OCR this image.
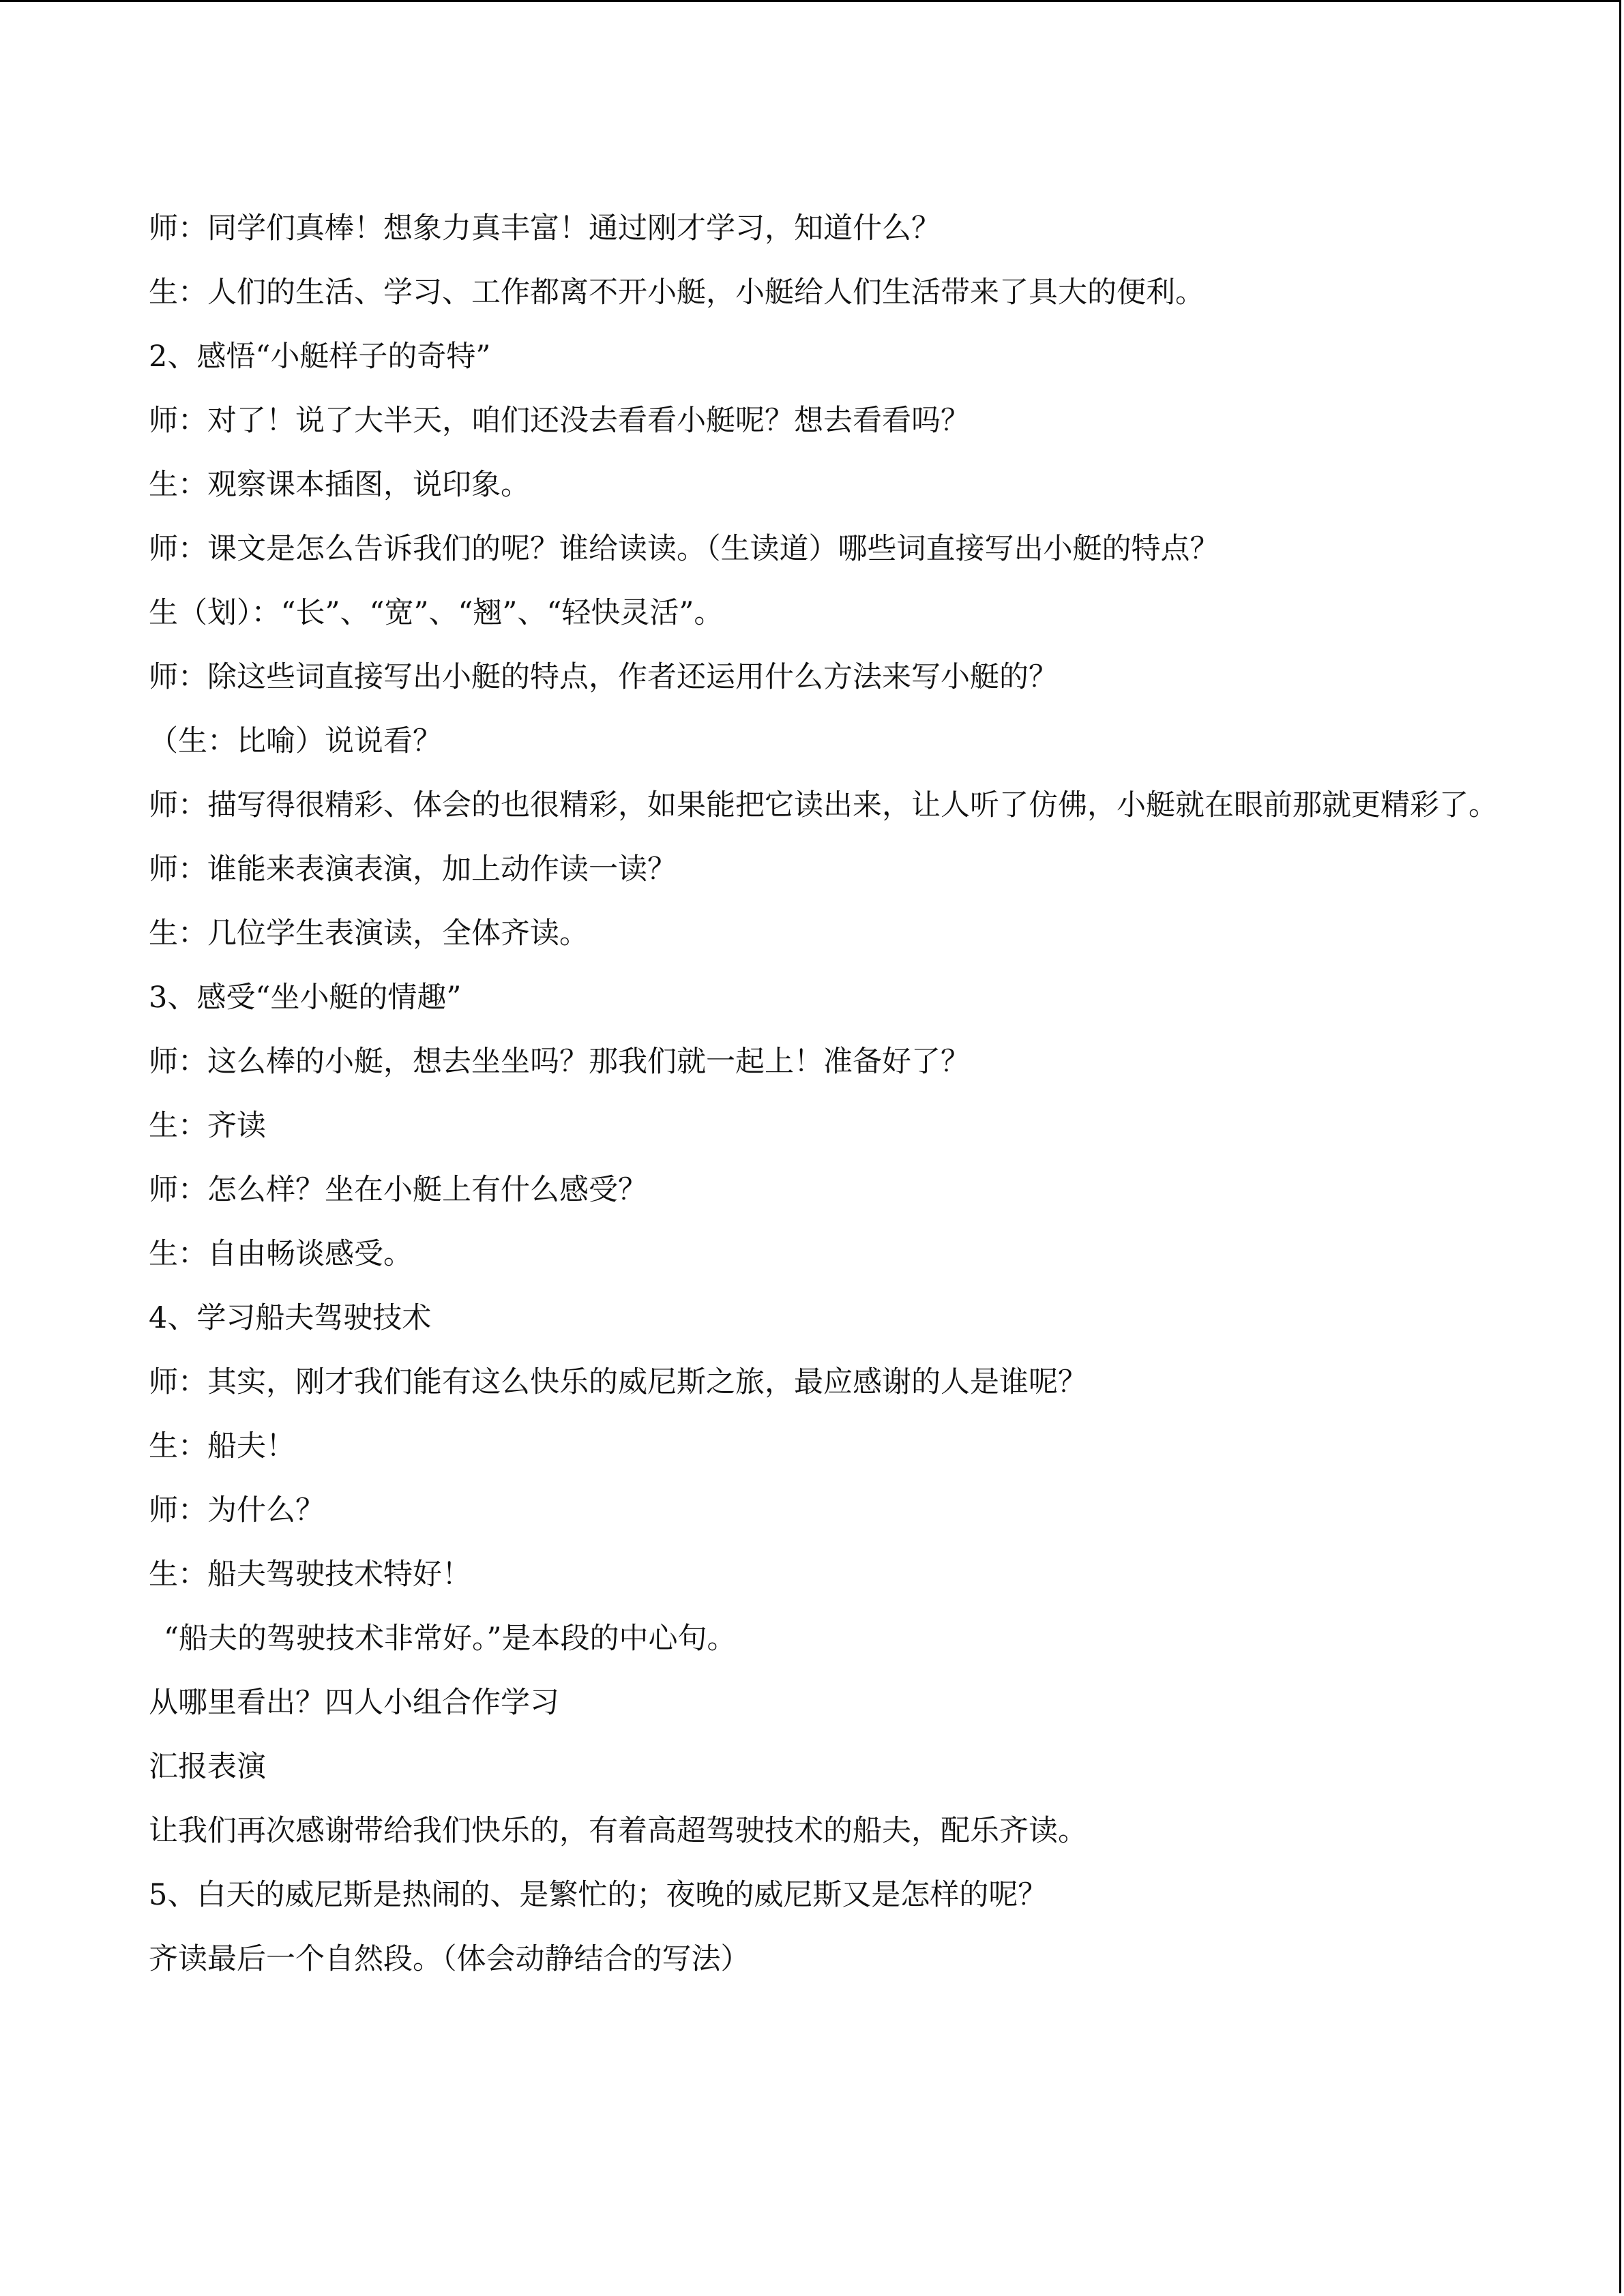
师：同学们真棒！想象力真丰富！通过刚才学习，知道什么？
生：人们的生活、学习、工作都离不开小艇，小艇给人们生活带来了具大的便利。
2、感悟“小艇样子的奇特”
师：对了！说了大半天，咱们还没去看看小艇呢？想去看看吗？
生：观察课本插图，说印象。
师：课文是怎么告诉我们的呢？谁给读读。（生读道）哪些词直接写出小艇的特点？
生（划）：“长”、“宽”、“翘”、“轻快灵活”。
师：除这些词直接写出小艇的特点，作者还运用什么方法来写小艇的？
（生：比喻）说说看？
师：描写得很精彩、体会的也很精彩，如果能把它读出来，让人听了仿佛，小艇就在眼前那就更精彩了。
师：谁能来表演表演，加上动作读一读？
生：几位学生表演读，全体齐读。
3、感受“坐小艇的情趣”
师：这么棒的小艇，想去坐坐吗？那我们就一起上！准备好了？
生：齐读
师：怎么样？坐在小艇上有什么感受？
生：自由畅谈感受。
4、学习船夫驾驶技术
师：其实，刚才我们能有这么快乐的威尼斯之旅，最应感谢的人是谁呢？
生：船夫！
师：为什么？
生：船夫驾驶技术特好！
“船夫的驾驶技术非常好。”是本段的中心句。
从哪里看出？四人小组合作学习
汇报表演
让我们再次感谢带给我们快乐的，有着高超驾驶技术的船夫，配乐齐读。
5、白天的威尼斯是热闹的、是繁忙的；夜晚的威尼斯又是怎样的呢？
齐读最后一个自然段。（体会动静结合的写法）
